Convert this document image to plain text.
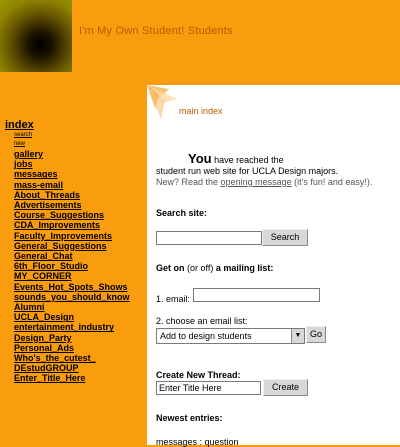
I'm My Own Student! Students
index
search
new
gallery
jobs
messages
mass-email
About_Threads
Advertisements
Course_Suggestions
CDA_Improvements
Faculty_Improvements
General_Suggestions
General_Chat
6th_Floor_Studio
MY_CORNER
Events_Hot_Spots_Shows
sounds_you_should_know
Alumni
UCLA_Design
entertainment_industry
Design_Party
Personal_Ads
Who's_the_cutest_
DEstudGROUP
Enter_Title_Here
main index
You have reached the
student run web site for UCLA Design majors.
New? Read the opening message (it's fun! and easy!).
Search site:
Search
Get on (or off) a mailing list:
1. email:
2. choose an email list:
Add to design students	▼ Go
Create New Thread:
Enter Title Here	Create
Newest entries:
messages : question
